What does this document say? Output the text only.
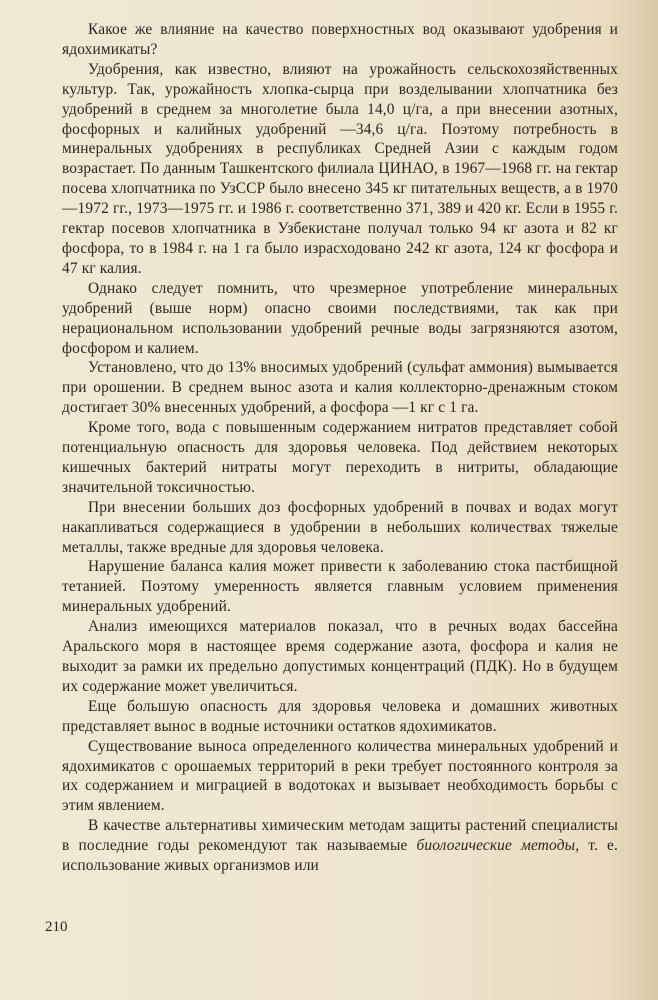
Какое же влияние на качество поверхностных вод оказывают удобрения и ядохимикаты?

Удобрения, как известно, влияют на урожайность сельскохозяйственных культур. Так, урожайность хлопка-сырца при возделывании хлопчатника без удобрений в среднем за многолетие была 14,0 ц/га, а при внесении азотных, фосфорных и калийных удобрений —34,6 ц/га. Поэтому потребность в минеральных удобрениях в республиках Средней Азии с каждым годом возрастает. По данным Ташкентского филиала ЦИНАО, в 1967—1968 гг. на гектар посева хлопчатника по УзССР было внесено 345 кг питательных веществ, а в 1970—1972 гг., 1973—1975 гг. и 1986 г. соответственно 371, 389 и 420 кг. Если в 1955 г. гектар посевов хлопчатника в Узбекистане получал только 94 кг азота и 82 кг фосфора, то в 1984 г. на 1 га было израсходовано 242 кг азота, 124 кг фосфора и 47 кг калия.

Однако следует помнить, что чрезмерное употребление минеральных удобрений (выше норм) опасно своими последствиями, так как при нерациональном использовании удобрений речные воды загрязняются азотом, фосфором и калием.

Установлено, что до 13% вносимых удобрений (сульфат аммония) вымывается при орошении. В среднем вынос азота и калия коллекторно-дренажным стоком достигает 30% внесенных удобрений, а фосфора —1 кг с 1 га.

Кроме того, вода с повышенным содержанием нитратов представляет собой потенциальную опасность для здоровья человека. Под действием некоторых кишечных бактерий нитраты могут переходить в нитриты, обладающие значительной токсичностью.

При внесении больших доз фосфорных удобрений в почвах и водах могут накапливаться содержащиеся в удобрении в небольших количествах тяжелые металлы, также вредные для здоровья человека.

Нарушение баланса калия может привести к заболеванию стока пастбищной тетанией. Поэтому умеренность является главным условием применения минеральных удобрений.

Анализ имеющихся материалов показал, что в речных водах бассейна Аральского моря в настоящее время содержание азота, фосфора и калия не выходит за рамки их предельно допустимых концентраций (ПДК). Но в будущем их содержание может увеличиться.

Еще большую опасность для здоровья человека и домашних животных представляет вынос в водные источники остатков ядохимикатов.

Существование выноса определенного количества минеральных удобрений и ядохимикатов с орошаемых территорий в реки требует постоянного контроля за их содержанием и миграцией в водотоках и вызывает необходимость борьбы с этим явлением.

В качестве альтернативы химическим методам защиты растений специалисты в последние годы рекомендуют так называемые биологические методы, т. е. использование живых организмов или

210
